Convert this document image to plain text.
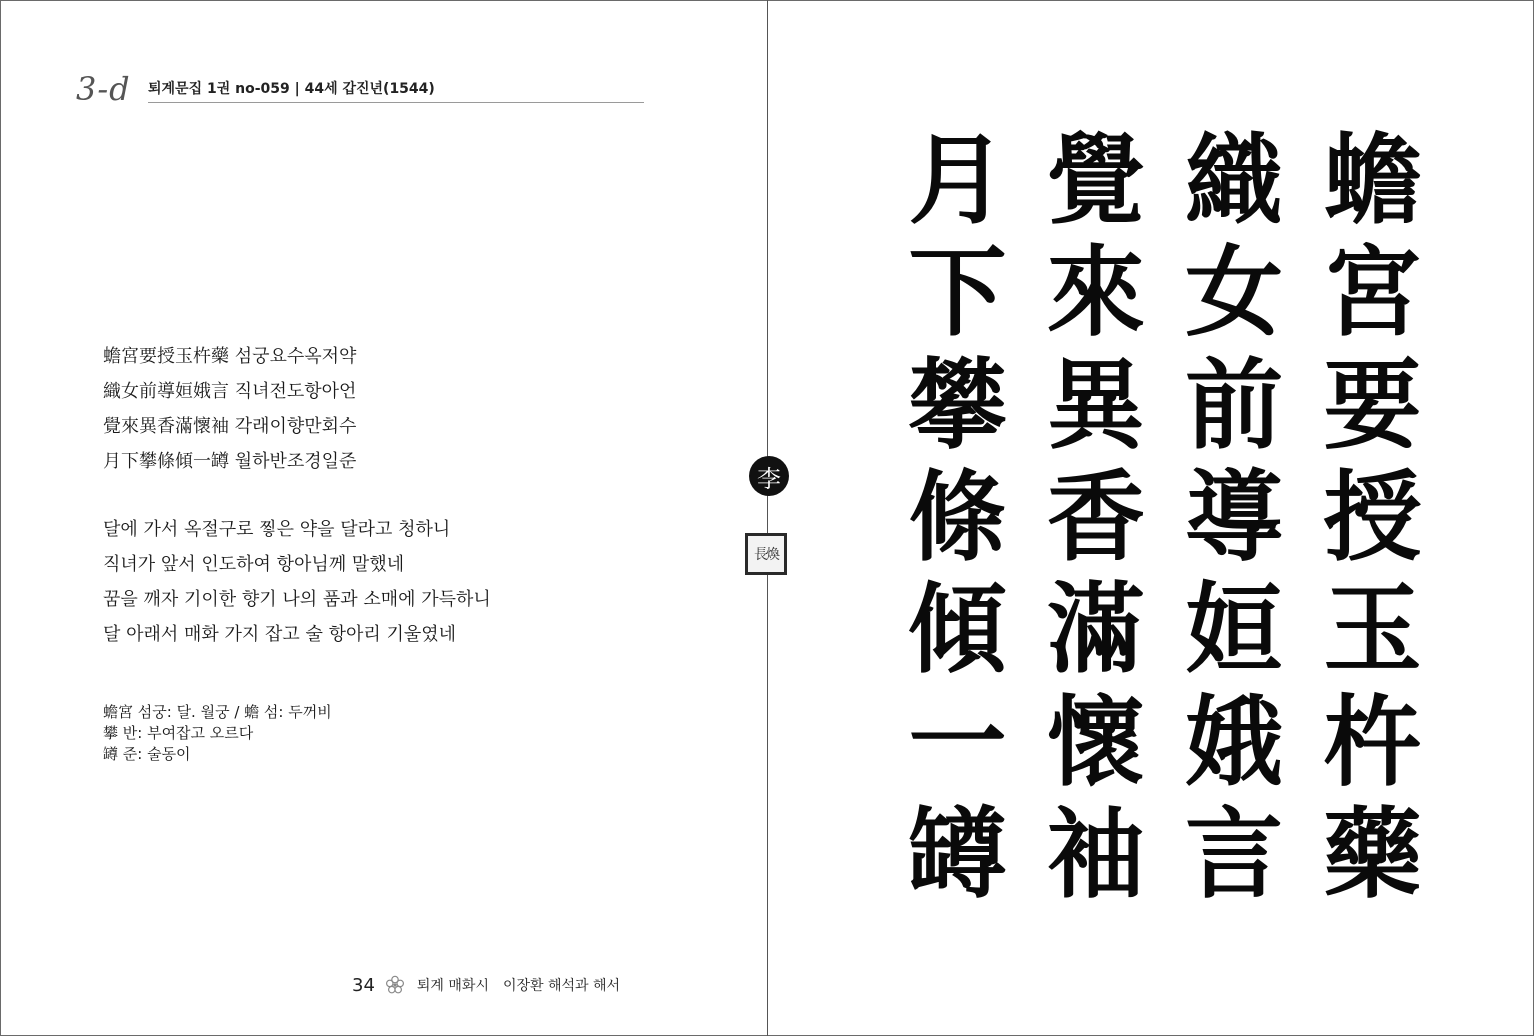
3-d 퇴계문집 1권 no-059 | 44세 갑진년(1544)
蟾宮要授玉杵藥 섬궁요수옥저약
織女前導姮娥言 직녀전도항아언
覺來異香滿懷袖 각래이향만회수
月下攀條傾一罇 월하반조경일준
달에 가서 옥절구로 찧은 약을 달라고 청하니
직녀가 앞서 인도하여 항아님께 말했네
꿈을 깨자 기이한 향기 나의 품과 소매에 가득하니
달 아래서 매화 가지 잡고 술 항아리 기울였네
蟾宮 섬궁: 달. 월궁 / 蟾 섬: 두꺼비
攀 반: 부여잡고 오르다
罇 준: 술동이
34	퇴계 매화시 이장환 해석과 해서
李
長煥
蟾
宮
要
授
玉
杵
藥
織
女
前
導
姮
娥
言
覺
來
異
香
滿
懷
袖
月
下
攀
條
傾
一
罇
